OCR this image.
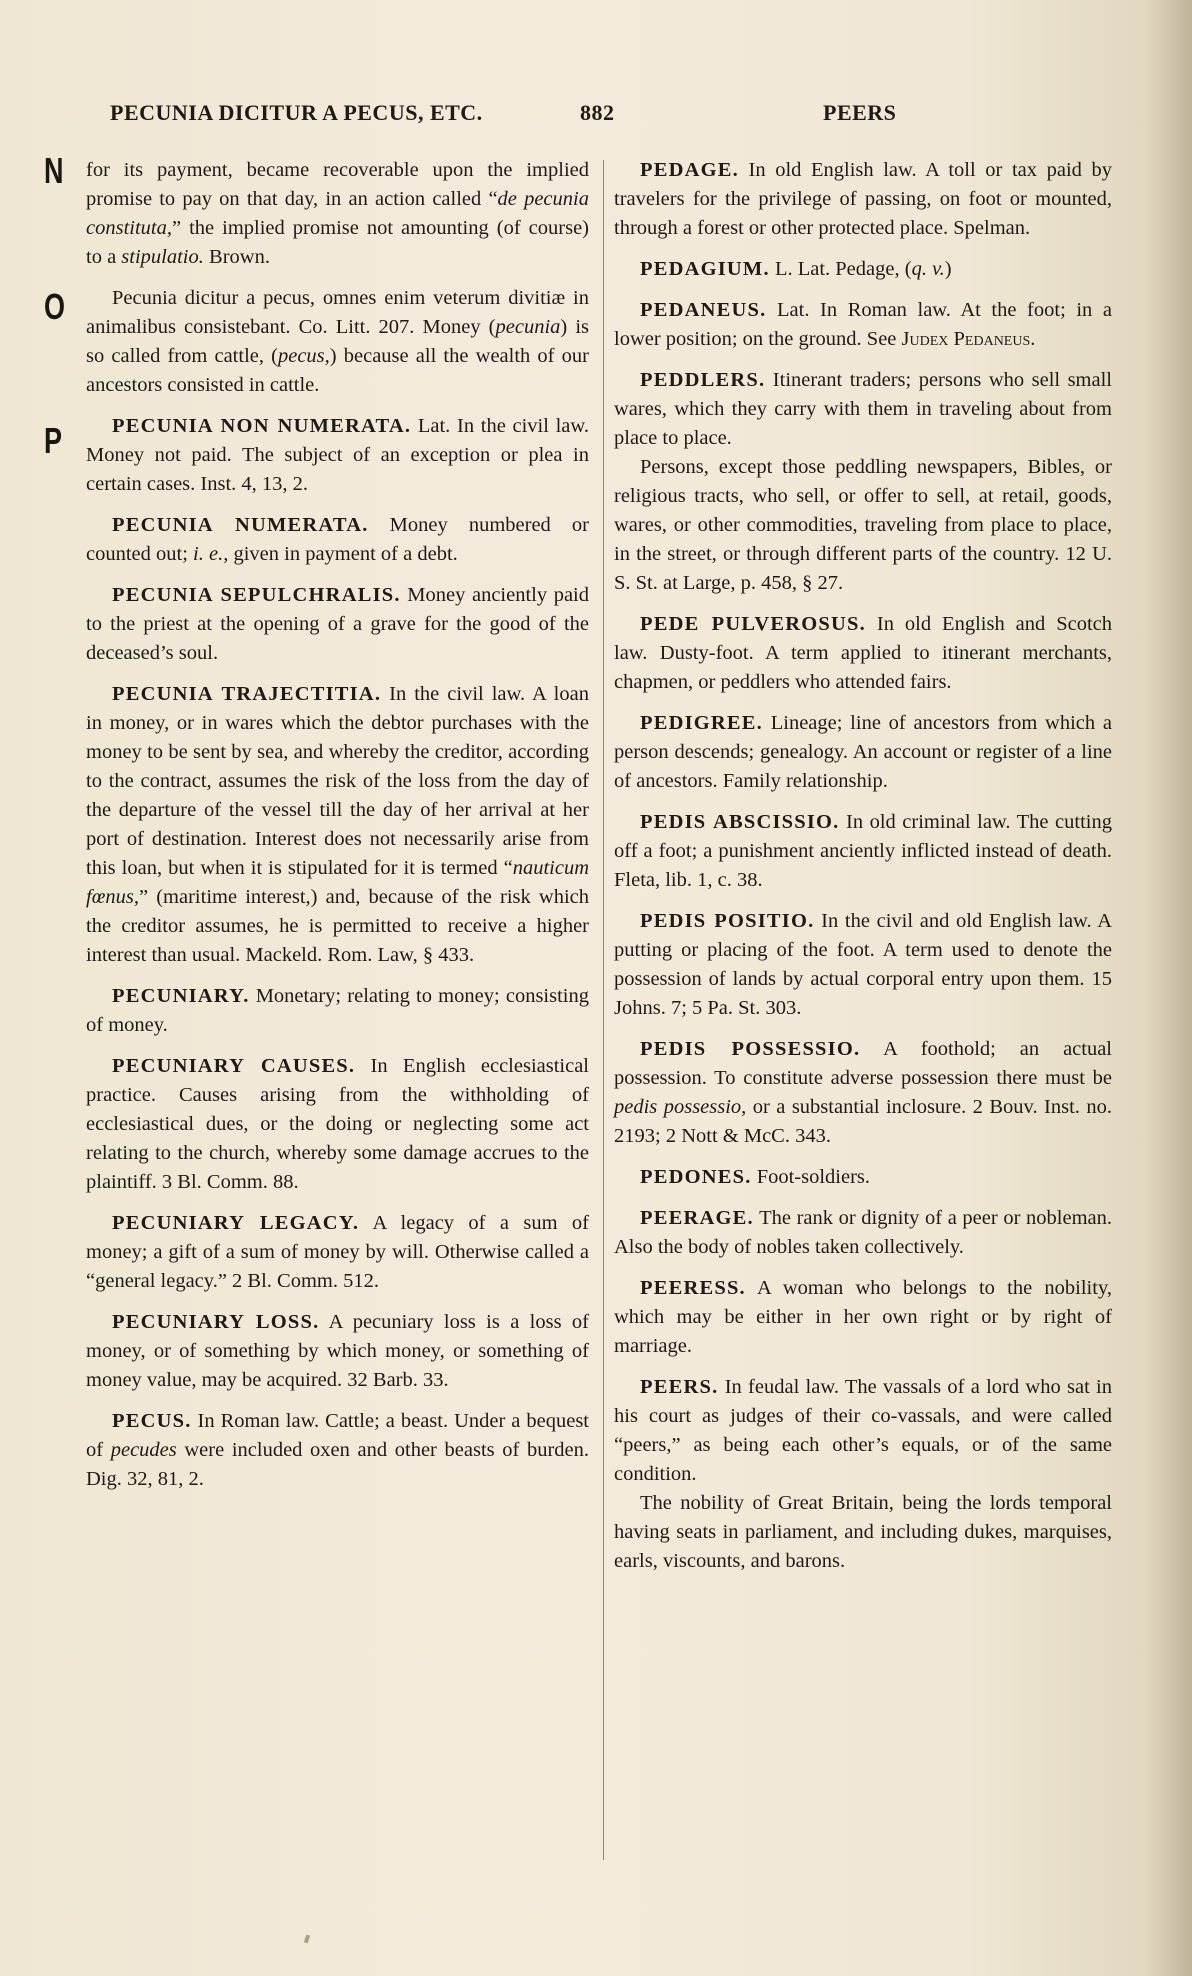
PECUNIA DICITUR A PECUS, ETC.	882	PEERS
N
O
P

for its payment, became recoverable upon the implied promise to pay on that day, in an action called “de pecunia constituta,” the implied promise not amounting (of course) to a stipulatio. Brown.

Pecunia dicitur a pecus, omnes enim veterum divitiæ in animalibus consistebant. Co. Litt. 207. Money (pecunia) is so called from cattle, (pecus,) because all the wealth of our ancestors consisted in cattle.

PECUNIA NON NUMERATA. Lat. In the civil law. Money not paid. The subject of an exception or plea in certain cases. Inst. 4, 13, 2.

PECUNIA NUMERATA. Money numbered or counted out; i. e., given in payment of a debt.

PECUNIA SEPULCHRALIS. Money anciently paid to the priest at the opening of a grave for the good of the deceased’s soul.

PECUNIA TRAJECTITIA. In the civil law. A loan in money, or in wares which the debtor purchases with the money to be sent by sea, and whereby the creditor, according to the contract, assumes the risk of the loss from the day of the departure of the vessel till the day of her arrival at her port of destination. Interest does not necessarily arise from this loan, but when it is stipulated for it is termed “nauticum fœnus,” (maritime interest,) and, because of the risk which the creditor assumes, he is permitted to receive a higher interest than usual. Mackeld. Rom. Law, § 433.

PECUNIARY. Monetary; relating to money; consisting of money.

PECUNIARY CAUSES. In English ecclesiastical practice. Causes arising from the withholding of ecclesiastical dues, or the doing or neglecting some act relating to the church, whereby some damage accrues to the plaintiff. 3 Bl. Comm. 88.

PECUNIARY LEGACY. A legacy of a sum of money; a gift of a sum of money by will. Otherwise called a “general legacy.” 2 Bl. Comm. 512.

PECUNIARY LOSS. A pecuniary loss is a loss of money, or of something by which money, or something of money value, may be acquired. 32 Barb. 33.

PECUS. In Roman law. Cattle; a beast. Under a bequest of pecudes were included oxen and other beasts of burden. Dig. 32, 81, 2.

PEDAGE. In old English law. A toll or tax paid by travelers for the privilege of passing, on foot or mounted, through a forest or other protected place. Spelman.

PEDAGIUM. L. Lat. Pedage, (q. v.)

PEDANEUS. Lat. In Roman law. At the foot; in a lower position; on the ground. See Judex Pedaneus.

PEDDLERS. Itinerant traders; persons who sell small wares, which they carry with them in traveling about from place to place.

Persons, except those peddling newspapers, Bibles, or religious tracts, who sell, or offer to sell, at retail, goods, wares, or other commodities, traveling from place to place, in the street, or through different parts of the country. 12 U. S. St. at Large, p. 458, § 27.

PEDE PULVEROSUS. In old English and Scotch law. Dusty-foot. A term applied to itinerant merchants, chapmen, or peddlers who attended fairs.

PEDIGREE. Lineage; line of ancestors from which a person descends; genealogy. An account or register of a line of ancestors. Family relationship.

PEDIS ABSCISSIO. In old criminal law. The cutting off a foot; a punishment anciently inflicted instead of death. Fleta, lib. 1, c. 38.

PEDIS POSITIO. In the civil and old English law. A putting or placing of the foot. A term used to denote the possession of lands by actual corporal entry upon them. 15 Johns. 7; 5 Pa. St. 303.

PEDIS POSSESSIO. A foothold; an actual possession. To constitute adverse possession there must be pedis possessio, or a substantial inclosure. 2 Bouv. Inst. no. 2193; 2 Nott & McC. 343.

PEDONES. Foot-soldiers.

PEERAGE. The rank or dignity of a peer or nobleman. Also the body of nobles taken collectively.

PEERESS. A woman who belongs to the nobility, which may be either in her own right or by right of marriage.

PEERS. In feudal law. The vassals of a lord who sat in his court as judges of their co-vassals, and were called “peers,” as being each other’s equals, or of the same condition.

The nobility of Great Britain, being the lords temporal having seats in parliament, and including dukes, marquises, earls, viscounts, and barons.
